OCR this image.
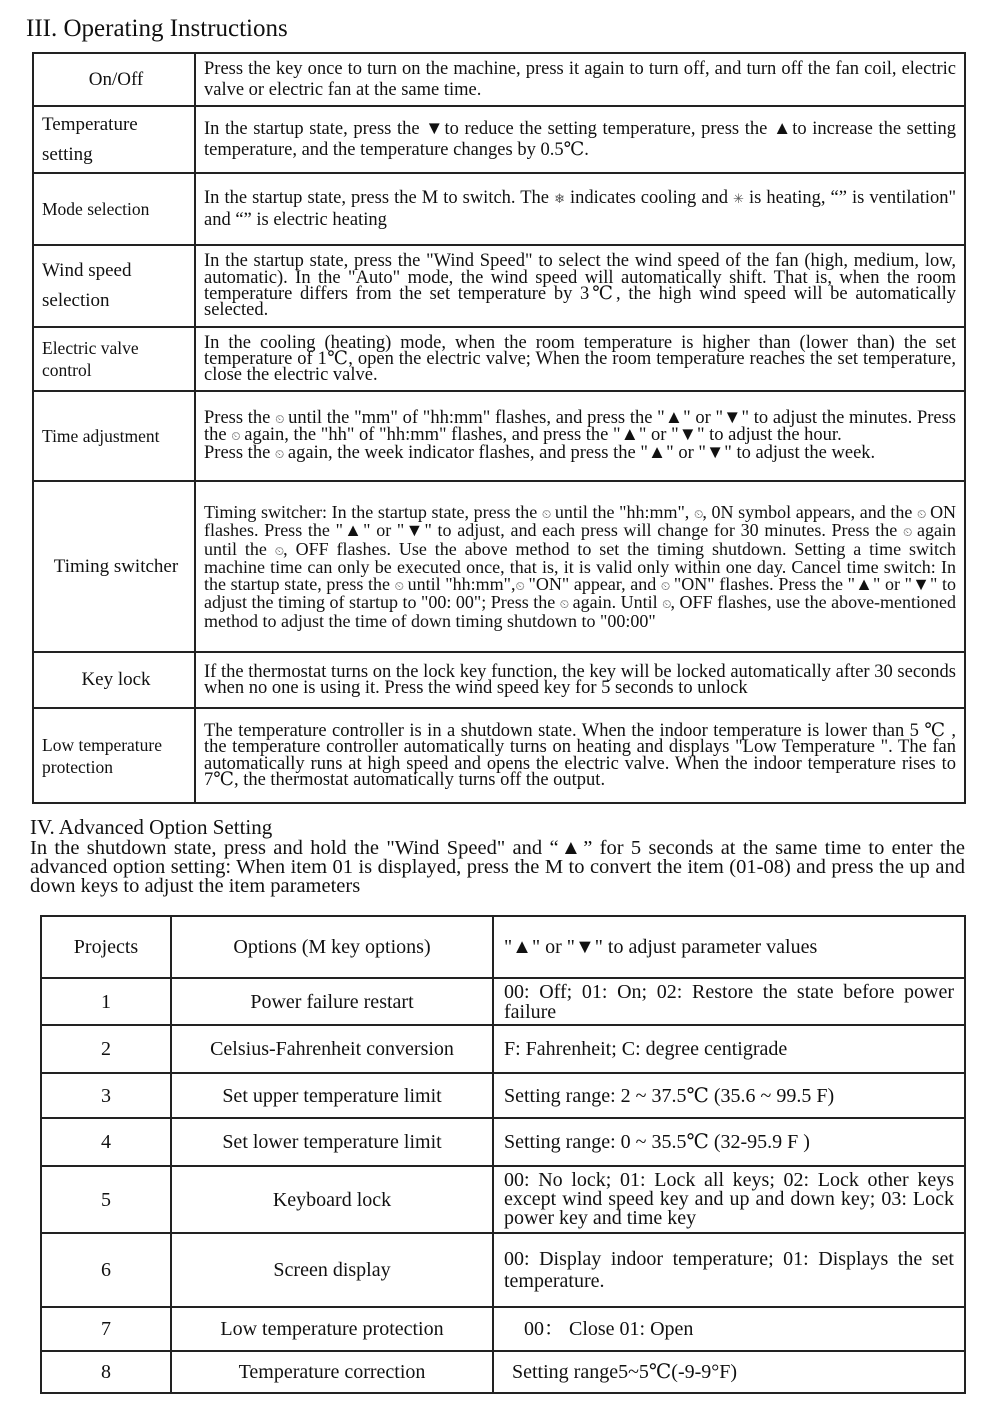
III. Operating Instructions
On/Off	Press the key once to turn on the machine, press it again to turn off, and turn off the fan coil, electric valve or electric fan at the same time.
Temperature setting	In the startup state, press the ▼to reduce the setting temperature, press the ▲to increase the setting temperature, and the temperature changes by 0.5℃.
Mode selection	In the startup state, press the M to switch. The ❄ indicates cooling and ✳ is heating, “” is ventilation" and “” is electric heating
Wind speed selection	In the startup state, press the "Wind Speed" to select the wind speed of the fan (high, medium, low, automatic). In the "Auto" mode, the wind speed will automatically shift. That is, when the room temperature differs from the set temperature by 3℃, the high wind speed will be automatically selected.
Electric valve control	In the cooling (heating) mode, when the room temperature is higher than (lower than) the set temperature of 1℃, open the electric valve; When the room temperature reaches the set temperature, close the electric valve.
Time adjustment	Press the ⏲ until the "mm" of "hh:mm" flashes, and press the "▲" or "▼" to adjust the minutes. Press the ⏲ again, the "hh" of "hh:mm" flashes, and press the "▲" or "▼" to adjust the hour.
Press the ⏲ again, the week indicator flashes, and press the "▲" or "▼" to adjust the week.

Timing switcher	Timing switcher: In the startup state, press the ⏲ until the "hh:mm", ⏲, 0N symbol appears, and the ⏲ ON flashes. Press the "▲" or "▼" to adjust, and each press will change for 30 minutes. Press the ⏲ again until the ⏲, OFF flashes. Use the above method to set the timing shutdown. Setting a time switch machine time can only be executed once, that is, it is valid only within one day. Cancel time switch: In the startup state, press the ⏲ until "hh:mm",⏲ "ON" appear, and ⏲ "ON" flashes. Press the "▲" or "▼" to adjust the timing of startup to "00: 00"; Press the ⏲ again. Until ⏲, OFF flashes, use the above-mentioned method to adjust the time of down timing shutdown to "00:00"
Key lock	If the thermostat turns on the lock key function, the key will be locked automatically after 30 seconds when no one is using it. Press the wind speed key for 5 seconds to unlock
Low temperature protection	The temperature controller is in a shutdown state. When the indoor temperature is lower than 5 ℃ , the temperature controller automatically turns on heating and displays "Low Temperature ". The fan automatically runs at high speed and opens the electric valve. When the indoor temperature rises to 7℃, the thermostat automatically turns off the output.
IV. Advanced Option Setting
In the shutdown state, press and hold the "Wind Speed" and “▲” for 5 seconds at the same time to enter the advanced option setting: When item 01 is displayed, press the M to convert the item (01-08) and press the up and down keys to adjust the item parameters
Projects	Options (M key options)	"▲" or "▼" to adjust parameter values
1	Power failure restart	00: Off; 01: On; 02: Restore the state before power failure
2	Celsius-Fahrenheit conversion	F: Fahrenheit; C: degree centigrade
3	Set upper temperature limit	Setting range: 2 ~ 37.5℃ (35.6 ~ 99.5 F)
4	Set lower temperature limit	Setting range: 0 ~ 35.5℃ (32-95.9 F )
5	Keyboard lock	00: No lock; 01: Lock all keys; 02: Lock other keys except wind speed key and up and down key; 03: Lock power key and time key
6	Screen display	00: Display indoor temperature; 01: Displays the set temperature.
7	Low temperature protection	00： Close 01: Open
8	Temperature correction	Setting range5~5℃(-9-9°F)
